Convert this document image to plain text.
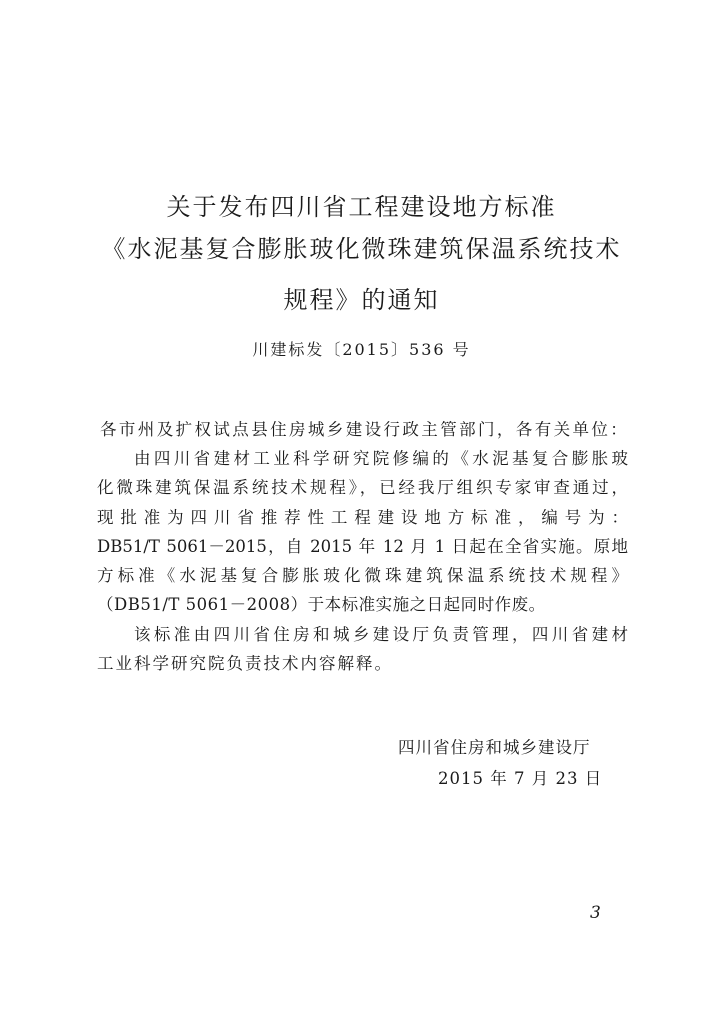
关于发布四川省工程建设地方标准
《水泥基复合膨胀玻化微珠建筑保温系统技术
规程》的通知
川建标发〔2015〕536 号
各市州及扩权试点县住房城乡建设行政主管部门，各有关单位：
由四川省建材工业科学研究院修编的《水泥基复合膨胀玻
化微珠建筑保温系统技术规程》，已经我厅组织专家审查通过，
现批准为四川省推荐性工程建设地方标准，编号为：
DB51/T 5061－2015，自 2015 年 12 月 1 日起在全省实施。原地
方标准《水泥基复合膨胀玻化微珠建筑保温系统技术规程》
（DB51/T 5061－2008）于本标准实施之日起同时作废。
该标准由四川省住房和城乡建设厅负责管理，四川省建材
工业科学研究院负责技术内容解释。
四川省住房和城乡建设厅
2015 年 7 月 23 日
3
